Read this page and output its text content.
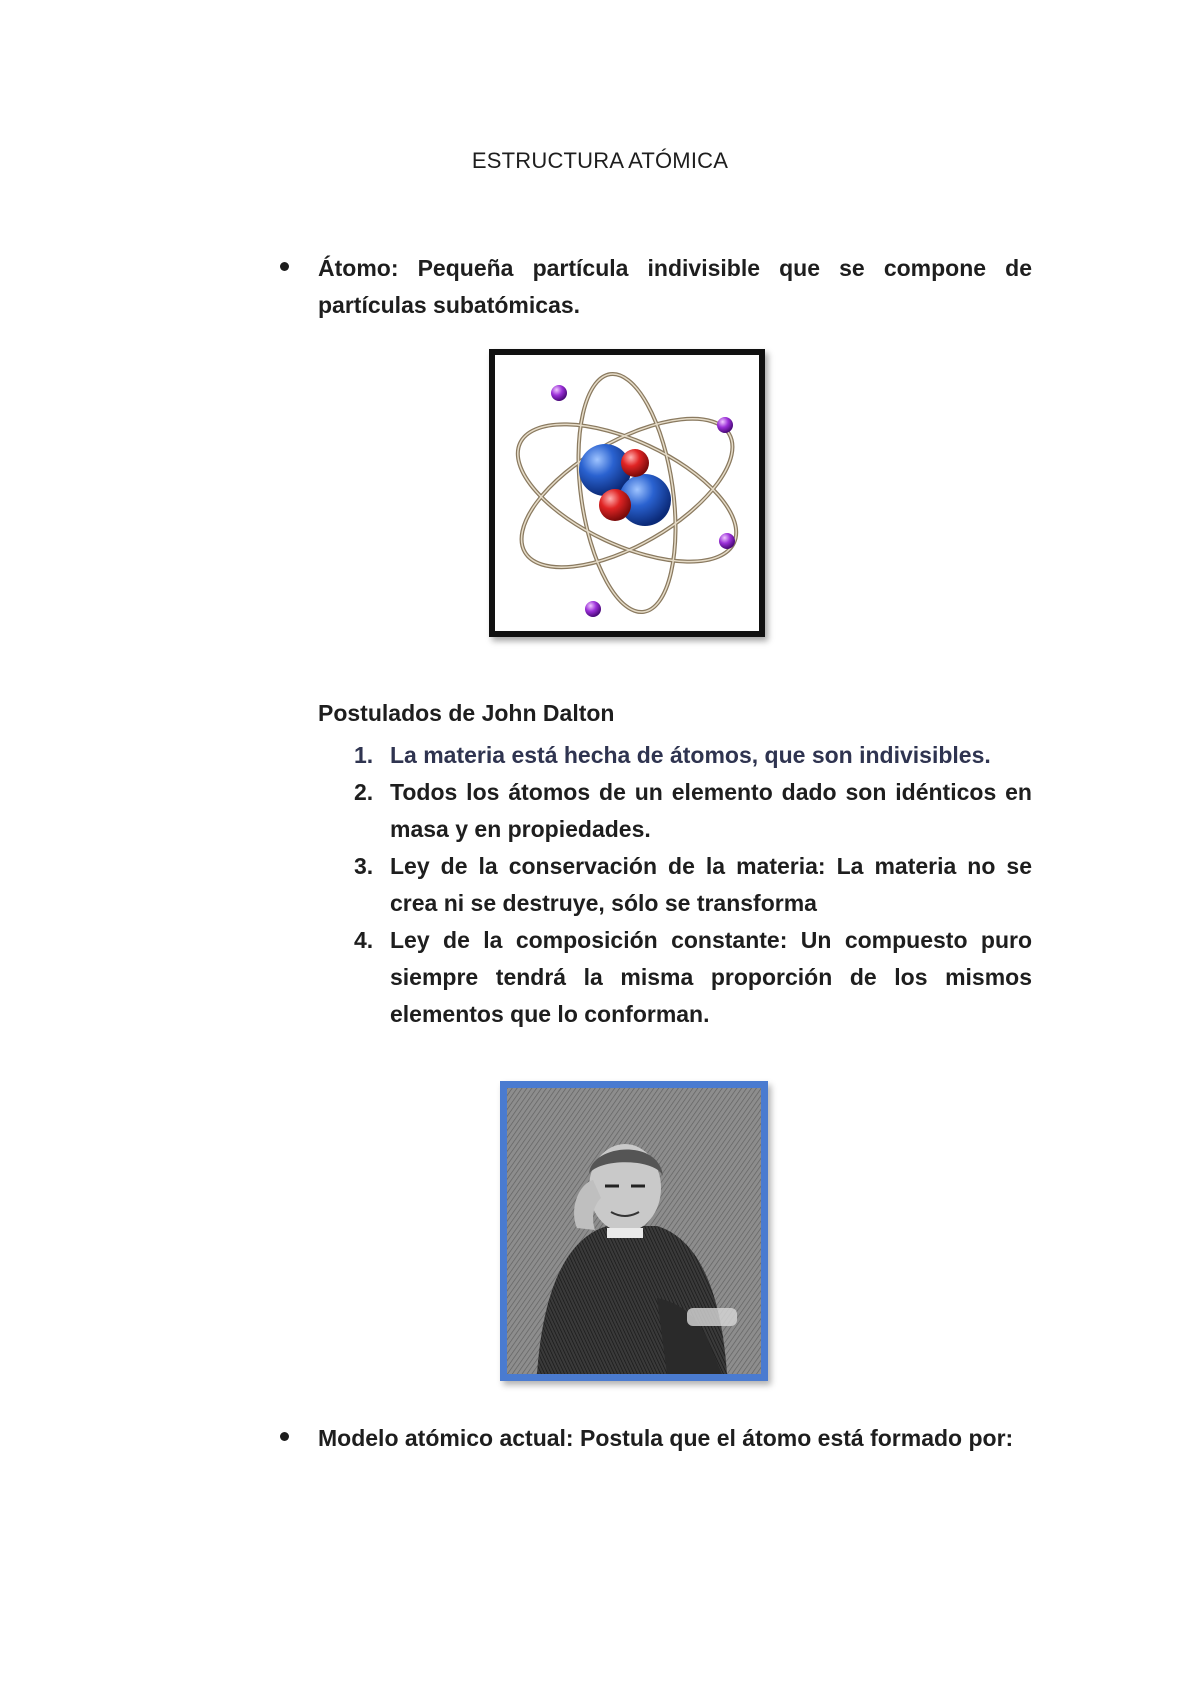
ESTRUCTURA ATÓMICA
Átomo: Pequeña partícula indivisible que se compone de partículas subatómicas.
Postulados de John Dalton
1. La materia está hecha de átomos, que son indivisibles.
2. Todos los átomos de un elemento dado son idénticos en masa y en propiedades.
3. Ley de la conservación de la materia: La materia no se crea ni se destruye, sólo se transforma
4. Ley de la composición constante: Un compuesto puro siempre tendrá la misma proporción de los mismos elementos que lo conforman.
Modelo atómico actual: Postula que el átomo está formado por:
